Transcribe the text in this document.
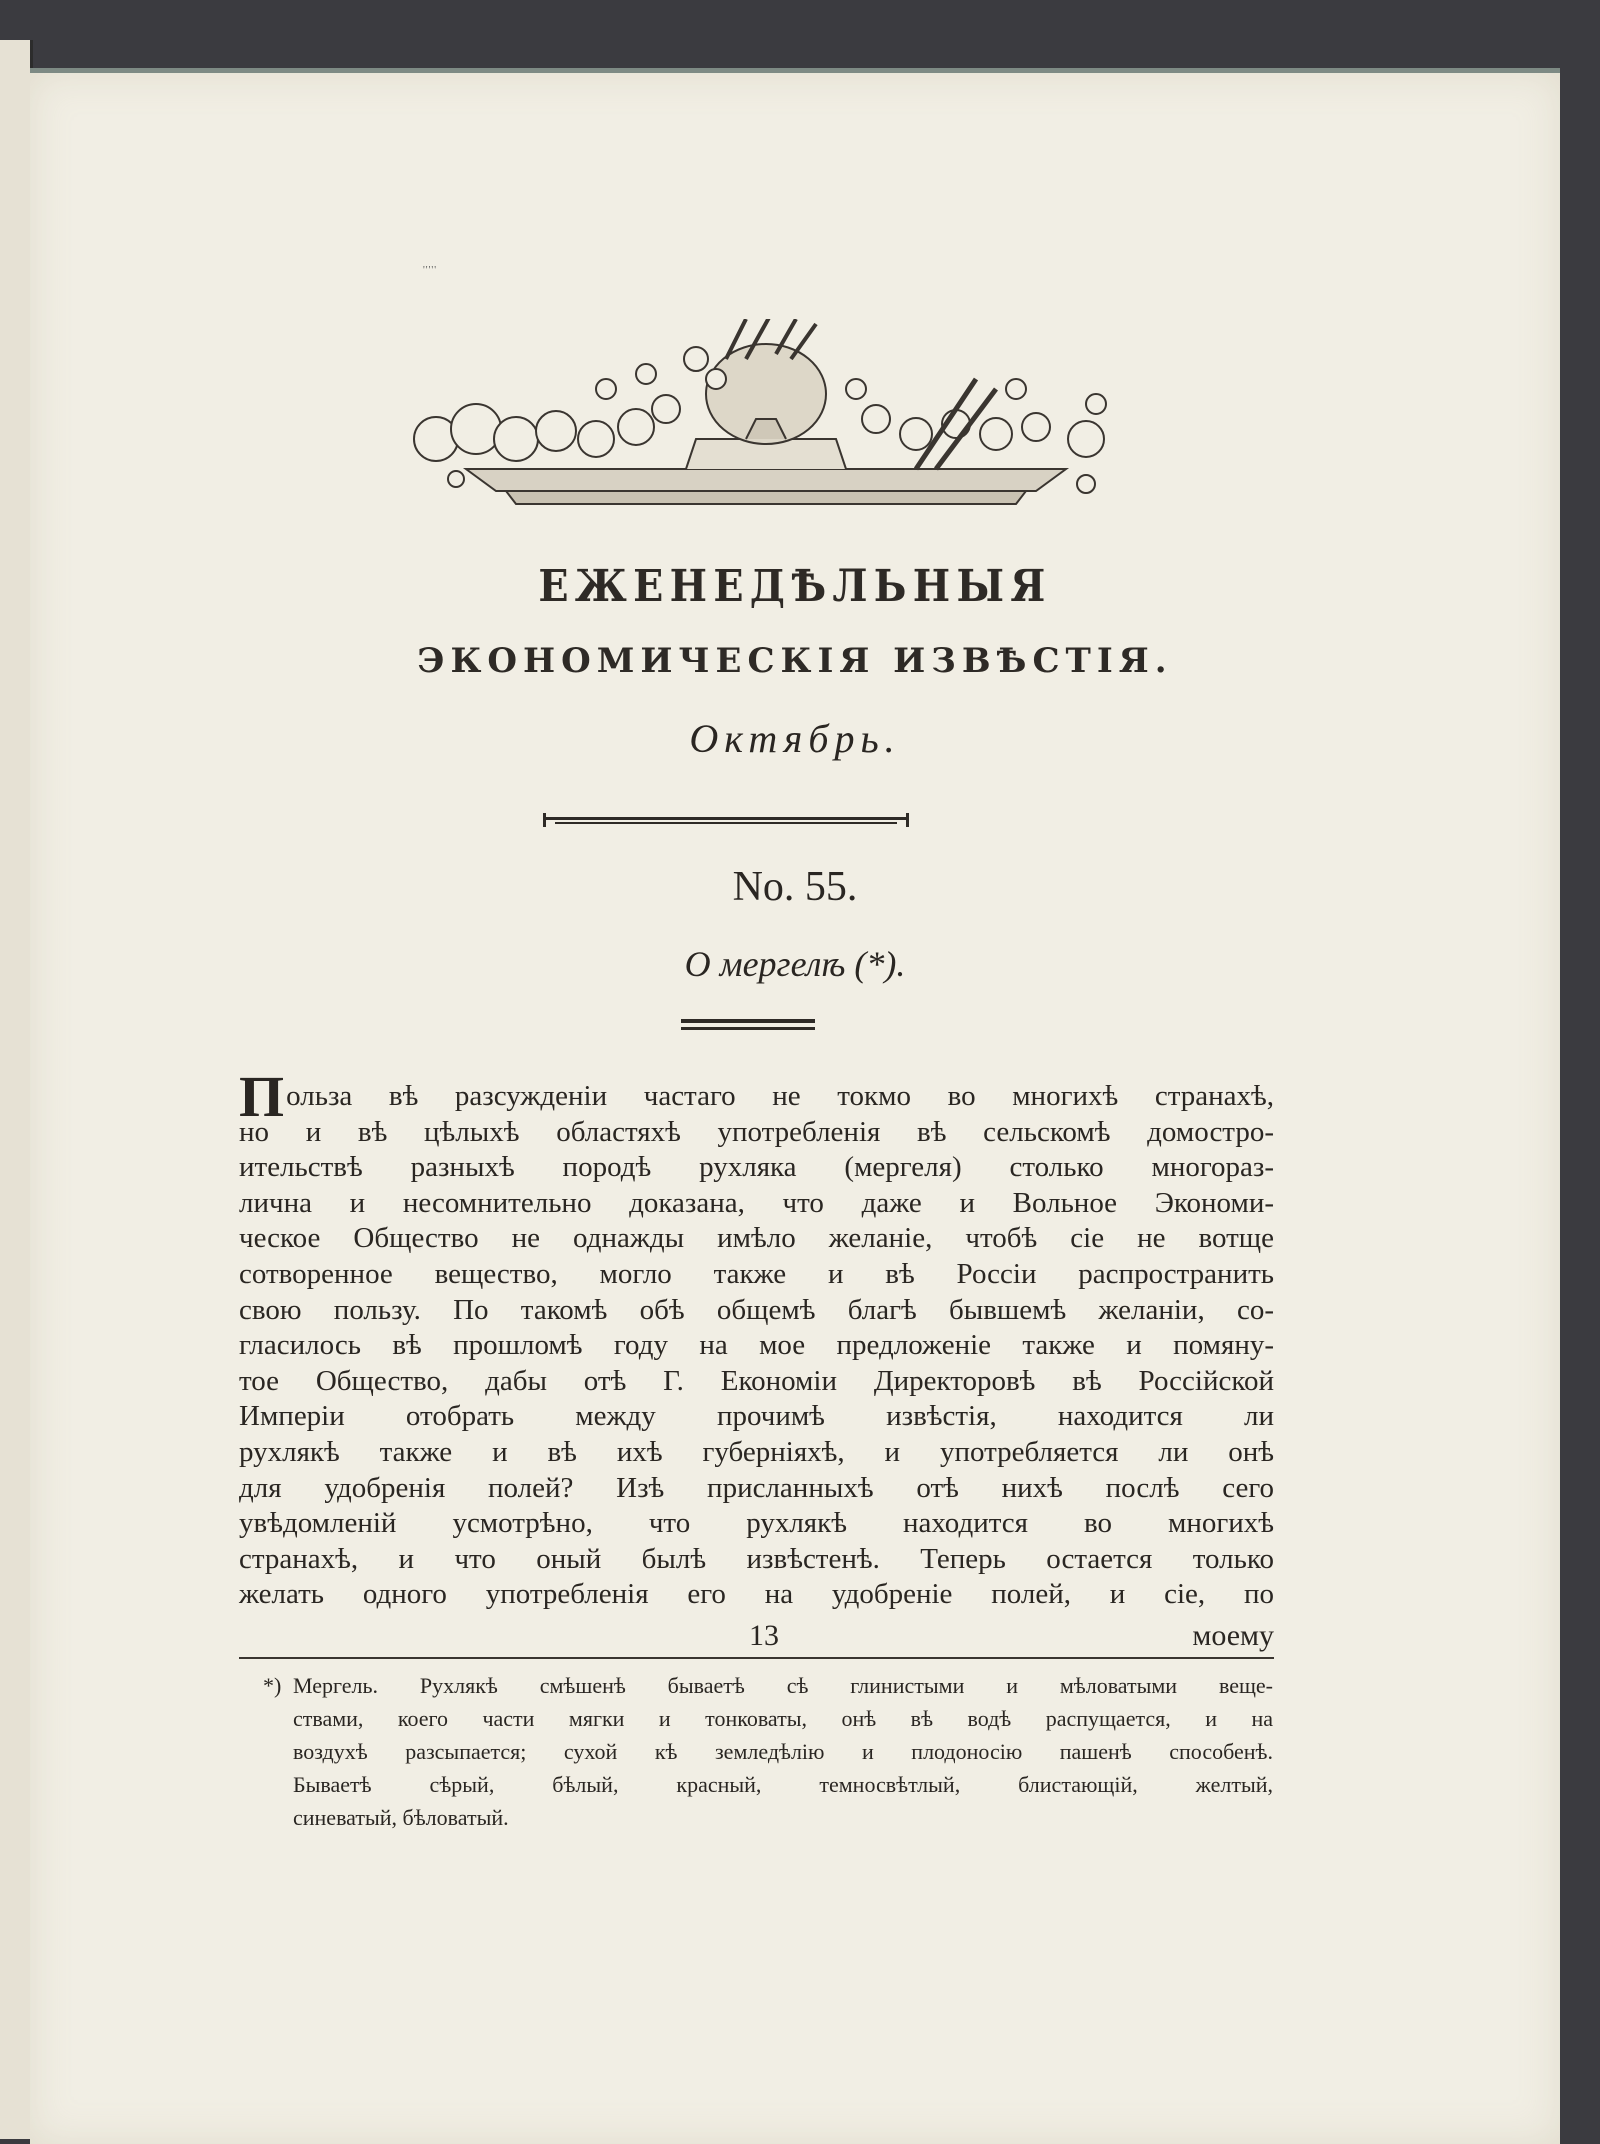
'''''
ЕЖЕНЕДѢЛЬНЫЯ
ЭКОНОМИЧЕСКІЯ ИЗВѢСТІЯ.
Октябрь.
No. 55.
О мергелѣ (*).
П ольза вѣ разсужденіи частаго не токмо во многихѣ странахѣ,
но и вѣ цѣлыхѣ областяхѣ употребленія вѣ сельскомѣ домостро-
ительствѣ разныхѣ породѣ рухляка (мергеля) столько многораз-
лична и несомнительно доказана, что даже и Вольное Экономи-
ческое Общество не однажды имѣло желаніе, чтобѣ сіе не вотще
сотворенное вещество, могло также и вѣ Россіи распространить
свою пользу. По такомѣ обѣ общемѣ благѣ бывшемѣ желаніи, со-
гласилось вѣ прошломѣ году на мое предложеніе также и помяну-
тое Общество, дабы отѣ Г. Економіи Директоровѣ вѣ Россійской
Имперіи отобрать между прочимѣ извѣстія, находится ли
рухлякѣ также и вѣ ихѣ губерніяхѣ, и употребляется ли онѣ
для удобренія полей? Изѣ присланныхѣ отѣ нихѣ послѣ сего
увѣдомленій усмотрѣно, что рухлякѣ находится во многихѣ
странахѣ, и что оный былѣ извѣстенѣ. Теперь остается только
желать одного употребленія его на удобреніе полей, и сіе, по
13	моему
*) Мергель. Рухлякѣ смѣшенѣ бываетѣ сѣ глинистыми и мѣловатыми веще-
ствами, коего части мягки и тонковаты, онѣ вѣ водѣ распущается, и на
воздухѣ разсыпается; сухой кѣ земледѣлію и плодоносію пашенѣ способенѣ.
Бываетѣ сѣрый, бѣлый, красный, темносвѣтлый, блистающій, желтый,
синеватый, бѣловатый.
